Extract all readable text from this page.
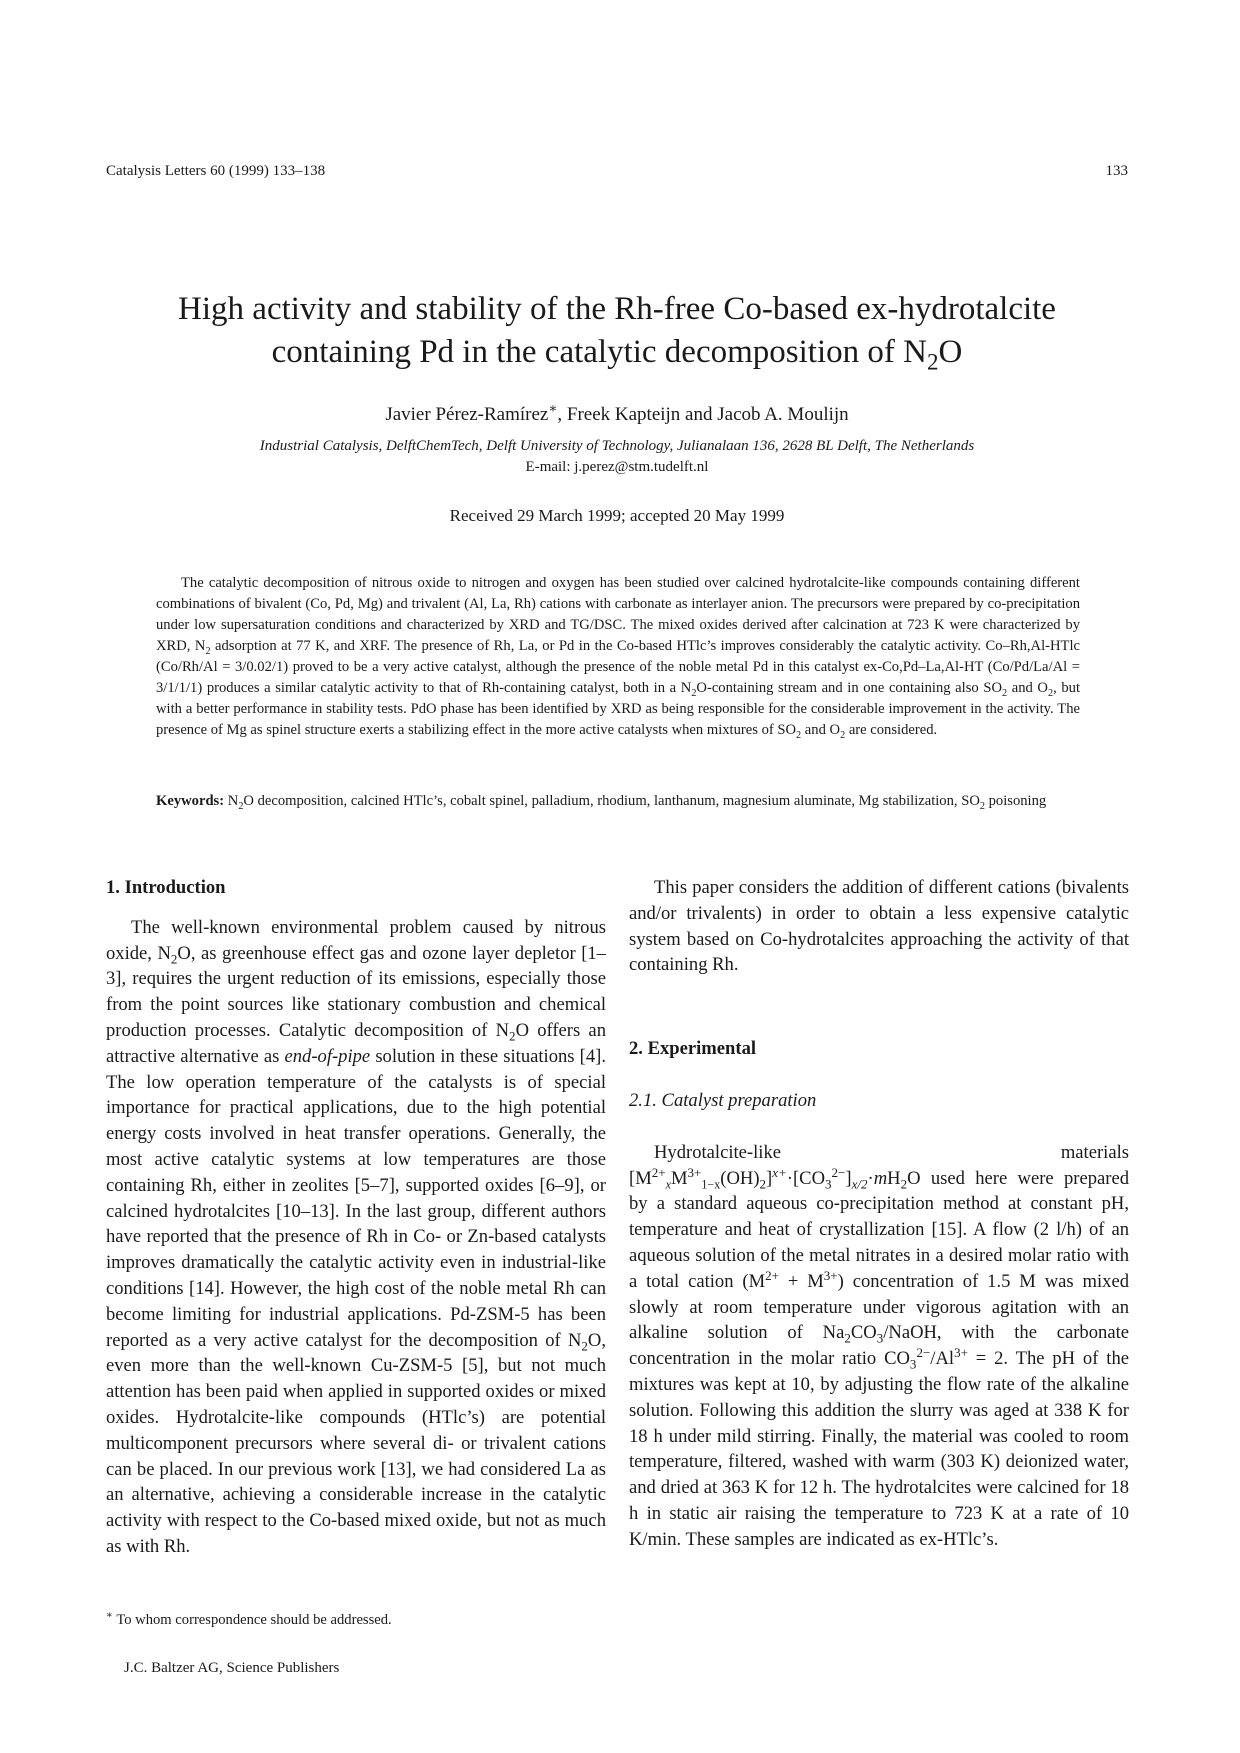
Catalysis Letters 60 (1999) 133–138	133
High activity and stability of the Rh-free Co-based ex-hydrotalcite
containing Pd in the catalytic decomposition of $N_2O$
Javier Pérez-Ramírez∗, Freek Kapteijn and Jacob A. Moulijn
Industrial Catalysis, DelftChemTech, Delft University of Technology, Julianalaan 136, 2628 BL Delft, The Netherlands
E-mail: j.perez@stm.tudelft.nl
Received 29 March 1999; accepted 20 May 1999

The catalytic decomposition of nitrous oxide to nitrogen and oxygen has been studied over calcined hydrotalcite-like compounds containing different combinations of bivalent (Co, Pd, Mg) and trivalent (Al, La, Rh) cations with carbonate as interlayer anion. The precursors were prepared by co-precipitation under low supersaturation conditions and characterized by XRD and TG/DSC. The mixed oxides derived after calcination at 723 K were characterized by XRD, $N_2$ adsorption at 77 K, and XRF. The presence of Rh, La, or Pd in the Co-based HTlc’s improves considerably the catalytic activity. Co–Rh,Al-HTlc (Co/Rh/Al = 3/0.02/1) proved to be a very active catalyst, although the presence of the noble metal Pd in this catalyst ex-Co,Pd–La,Al-HT (Co/Pd/La/Al = 3/1/1/1) produces a similar catalytic activity to that of Rh-containing catalyst, both in a $N_2O$-containing stream and in one containing also $SO_2$ and $O_2$, but with a better performance in stability tests. PdO phase has been identified by XRD as being responsible for the considerable improvement in the activity. The presence of Mg as spinel structure exerts a stabilizing effect in the more active catalysts when mixtures of $SO_2$ and $O_2$ are considered.

Keywords: $N_2O$ decomposition, calcined HTlc’s, cobalt spinel, palladium, rhodium, lanthanum, magnesium aluminate, Mg stabilization, $SO_2$ poisoning
1. Introduction

The well-known environmental problem caused by nitrous oxide, $N_2O$, as greenhouse effect gas and ozone layer depletor [1–3], requires the urgent reduction of its emissions, especially those from the point sources like stationary combustion and chemical production processes. Catalytic decomposition of $N_2O$ offers an attractive alternative as end-of-pipe solution in these situations [4]. The low operation temperature of the catalysts is of special importance for practical applications, due to the high potential energy costs involved in heat transfer operations. Generally, the most active catalytic systems at low temperatures are those containing Rh, either in zeolites [5–7], supported oxides [6–9], or calcined hydrotalcites [10–13]. In the last group, different authors have reported that the presence of Rh in Co- or Zn-based catalysts improves dramatically the catalytic activity even in industrial-like conditions [14]. However, the high cost of the noble metal Rh can become limiting for industrial applications. Pd-ZSM-5 has been reported as a very active catalyst for the decomposition of $N_2O$, even more than the well-known Cu-ZSM-5 [5], but not much attention has been paid when applied in supported oxides or mixed oxides. Hydrotalcite-like compounds (HTlc’s) are potential multicomponent precursors where several di- or trivalent cations can be placed. In our previous work [13], we had considered La as an alternative, achieving a considerable increase in the catalytic activity with respect to the Co-based mixed oxide, but not as much as with Rh.

This paper considers the addition of different cations (bivalents and/or trivalents) in order to obtain a less expensive catalytic system based on Co-hydrotalcites approaching the activity of that containing Rh.

2. Experimental
2.1. Catalyst preparation

Hydrotalcite-like materials $[M^{2+}_xM^{3+}_{1-x}(OH)_2]^{x+}\cdot[CO_3^{2-}]_{x/2}\cdot mH_2O$ used here were prepared by a standard aqueous co-precipitation method at constant pH, temperature and heat of crystallization [15]. A flow (2 l/h) of an aqueous solution of the metal nitrates in a desired molar ratio with a total cation $(M^{2+} + M^{3+})$ concentration of 1.5 M was mixed slowly at room temperature under vigorous agitation with an alkaline solution of $Na_2CO_3$/NaOH, with the carbonate concentration in the molar ratio $CO_3^{2-}/Al^{3+} = 2$. The pH of the mixtures was kept at 10, by adjusting the flow rate of the alkaline solution. Following this addition the slurry was aged at 338 K for 18 h under mild stirring. Finally, the material was cooled to room temperature, filtered, washed with warm (303 K) deionized water, and dried at 363 K for 12 h. The hydrotalcites were calcined for 18 h in static air raising the temperature to 723 K at a rate of 10 K/min. These samples are indicated as ex-HTlc’s.

∗ To whom correspondence should be addressed.
J.C. Baltzer AG, Science Publishers
